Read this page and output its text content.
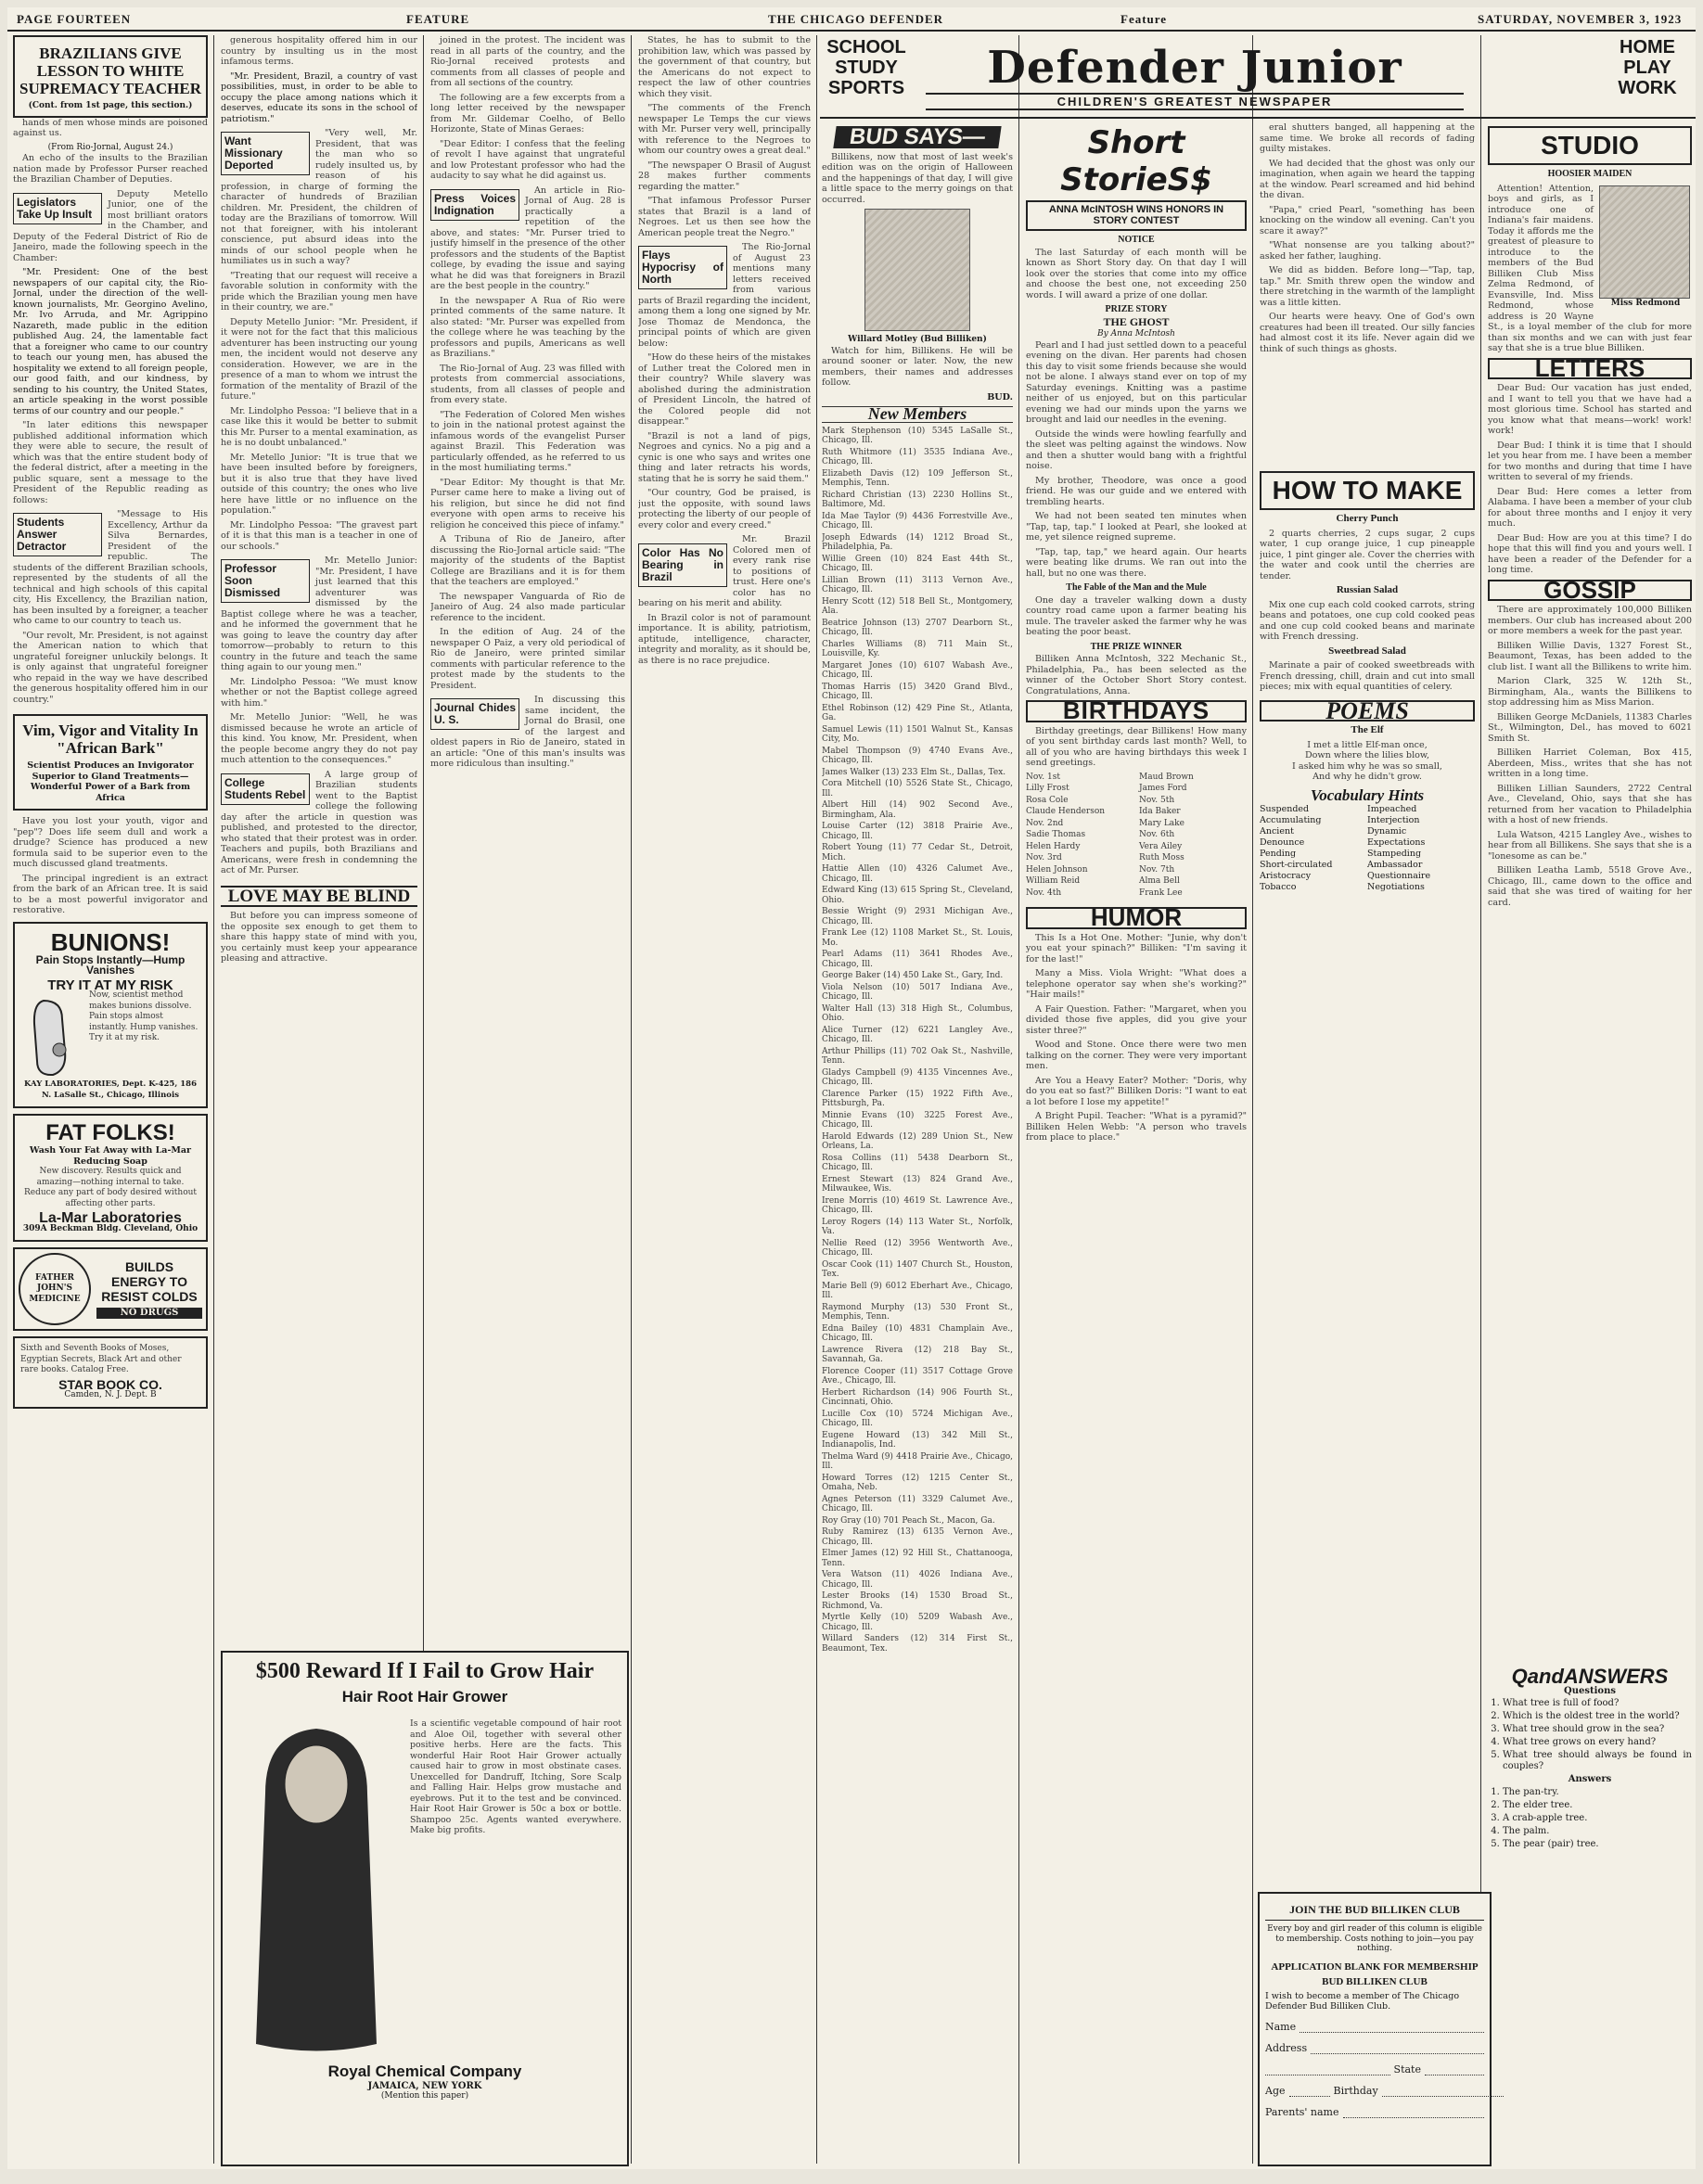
PAGE FOURTEEN	FEATURE	THE CHICAGO DEFENDER	Feature	SATURDAY, NOVEMBER 3, 1923
BRAZILIANS GIVE LESSON TO WHITE SUPREMACY TEACHER
(Cont. from 1st page, this section.)

hands of men whose minds are poisoned against us.

(From Rio-Jornal, August 24.)

An echo of the insults to the Brazilian nation made by Professor Purser reached the Brazilian Chamber of Deputies.

Legislators Take Up Insult

Deputy Metello Junior, one of the most brilliant orators in the Chamber, and Deputy of the Federal District of Rio de Janeiro, made the following speech in the Chamber:

"Mr. President: One of the best newspapers of our capital city, the Rio-Jornal, under the direction of the well-known journalists, Mr. Georgino Avelino, Mr. Ivo Arruda, and Mr. Agrippino Nazareth, made public in the edition published Aug. 24, the lamentable fact that a foreigner who came to our country to teach our young men, has abused the hospitality we extend to all foreign people, our good faith, and our kindness, by sending to his country, the United States, an article speaking in the worst possible terms of our country and our people."

"In later editions this newspaper published additional information which they were able to secure, the result of which was that the entire student body of the federal district, after a meeting in the public square, sent a message to the President of the Republic reading as follows:

Students Answer Detractor

"Message to His Excellency, Arthur da Silva Bernardes, President of the republic. The students of the different Brazilian schools, represented by the students of all the technical and high schools of this capital city, His Excellency, the Brazilian nation, has been insulted by a foreigner, a teacher who came to our country to teach us.

"Our revolt, Mr. President, is not against the American nation to which that ungrateful foreigner unluckily belongs. It is only against that ungrateful foreigner who repaid in the way we have described the generous hospitality offered him in our country."

Vim, Vigor and Vitality In "African Bark"
Scientist Produces an Invigorator Superior to Gland Treatments—Wonderful Power of a Bark from Africa

Have you lost your youth, vigor and "pep"? Does life seem dull and work a drudge? Science has produced a new formula said to be superior even to the much discussed gland treatments.

The principal ingredient is an extract from the bark of an African tree. It is said to be a most powerful invigorator and restorative.

BUNIONS!
Pain Stops Instantly—Hump Vanishes
TRY IT AT MY RISK

Now, scientist method makes bunions dissolve. Pain stops almost instantly. Hump vanishes. Try it at my risk.

KAY LABORATORIES, Dept. K-425, 186 N. LaSalle St., Chicago, Illinois
FAT FOLKS!
Wash Your Fat Away with La-Mar Reducing Soap

New discovery. Results quick and amazing—nothing internal to take. Reduce any part of body desired without affecting other parts.

La-Mar Laboratories
309A Beckman Bldg. Cleveland, Ohio
FATHER JOHN'S MEDICINE
BUILDS ENERGY TO RESIST COLDS
NO DRUGS

Sixth and Seventh Books of Moses, Egyptian Secrets, Black Art and other rare books. Catalog Free.

STAR BOOK CO.
Camden, N. J. Dept. B

generous hospitality offered him in our country by insulting us in the most infamous terms.

"Mr. President, Brazil, a country of vast possibilities, must, in order to be able to occupy the place among nations which it deserves, educate its sons in the school of patriotism."

Want Missionary Deported

"Very well, Mr. President, that was the man who so rudely insulted us, by reason of his profession, in charge of forming the character of hundreds of Brazilian children. Mr. President, the children of today are the Brazilians of tomorrow. Will not that foreigner, with his intolerant conscience, put absurd ideas into the minds of our school people when he humiliates us in such a way?

"Treating that our request will receive a favorable solution in conformity with the pride which the Brazilian young men have in their country, we are."

Deputy Metello Junior: "Mr. President, if it were not for the fact that this malicious adventurer has been instructing our young men, the incident would not deserve any consideration. However, we are in the presence of a man to whom we intrust the formation of the mentality of Brazil of the future."

Mr. Lindolpho Pessoa: "I believe that in a case like this it would be better to submit this Mr. Purser to a mental examination, as he is no doubt unbalanced."

Mr. Metello Junior: "It is true that we have been insulted before by foreigners, but it is also true that they have lived outside of this country; the ones who live here have little or no influence on the population."

Mr. Lindolpho Pessoa: "The gravest part of it is that this man is a teacher in one of our schools."

Professor Soon Dismissed

Mr. Metello Junior: "Mr. President, I have just learned that this adventurer was dismissed by the Baptist college where he was a teacher, and he informed the government that he was going to leave the country day after tomorrow—probably to return to this country in the future and teach the same thing again to our young men."

Mr. Lindolpho Pessoa: "We must know whether or not the Baptist college agreed with him."

Mr. Metello Junior: "Well, he was dismissed because he wrote an article of this kind. You know, Mr. President, when the people become angry they do not pay much attention to the consequences."

College Students Rebel

A large group of Brazilian students went to the Baptist college the following day after the article in question was published, and protested to the director, who stated that their protest was in order. Teachers and pupils, both Brazilians and Americans, were fresh in condemning the act of Mr. Purser.

LOVE MAY BE BLIND

But before you can impress someone of the opposite sex enough to get them to share this happy state of mind with you, you certainly must keep your appearance pleasing and attractive.

joined in the protest. The incident was read in all parts of the country, and the Rio-Jornal received protests and comments from all classes of people and from all sections of the country.

The following are a few excerpts from a long letter received by the newspaper from Mr. Gildemar Coelho, of Bello Horizonte, State of Minas Geraes:

"Dear Editor: I confess that the feeling of revolt I have against that ungrateful and low Protestant professor who had the audacity to say what he did against us.

Press Voices Indignation

An article in Rio-Jornal of Aug. 28 is practically a repetition of the above, and states: "Mr. Purser tried to justify himself in the presence of the other professors and the students of the Baptist college, by evading the issue and saying what he did was that foreigners in Brazil are the best people in the country."

In the newspaper A Rua of Rio were printed comments of the same nature. It also stated: "Mr. Purser was expelled from the college where he was teaching by the professors and pupils, Americans as well as Brazilians."

The Rio-Jornal of Aug. 23 was filled with protests from commercial associations, students, from all classes of people and from every state.

"The Federation of Colored Men wishes to join in the national protest against the infamous words of the evangelist Purser against Brazil. This Federation was particularly offended, as he referred to us in the most humiliating terms."

"Dear Editor: My thought is that Mr. Purser came here to make a living out of his religion, but since he did not find everyone with open arms to receive his religion he conceived this piece of infamy."

A Tribuna of Rio de Janeiro, after discussing the Rio-Jornal article said: "The majority of the students of the Baptist College are Brazilians and it is for them that the teachers are employed."

The newspaper Vanguarda of Rio de Janeiro of Aug. 24 also made particular reference to the incident.

In the edition of Aug. 24 of the newspaper O Paiz, a very old periodical of Rio de Janeiro, were printed similar comments with particular reference to the protest made by the students to the President.

Journal Chides U. S.

In discussing this same incident, the Jornal do Brasil, one of the largest and oldest papers in Rio de Janeiro, stated in an article: "One of this man's insults was more ridiculous than insulting."

$500 Reward If I Fail to Grow Hair
Hair Root Hair Grower

Is a scientific vegetable compound of hair root and Aloe Oil, together with several other positive herbs. Here are the facts. This wonderful Hair Root Hair Grower actually caused hair to grow in most obstinate cases. Unexcelled for Dandruff, Itching, Sore Scalp and Falling Hair. Helps grow mustache and eyebrows. Put it to the test and be convinced. Hair Root Hair Grower is 50c a box or bottle. Shampoo 25c. Agents wanted everywhere. Make big profits.

Royal Chemical Company
JAMAICA, NEW YORK
(Mention this paper)

States, he has to submit to the prohibition law, which was passed by the government of that country, but the Americans do not expect to respect the law of other countries which they visit.

"The comments of the French newspaper Le Temps the cur views with Mr. Purser very well, principally with reference to the Negroes to whom our country owes a great deal."

"The newspaper O Brasil of August 28 makes further comments regarding the matter."

"That infamous Professor Purser states that Brazil is a land of Negroes. Let us then see how the American people treat the Negro."

Flays Hypocrisy of North

The Rio-Jornal of August 23 mentions many letters received from various parts of Brazil regarding the incident, among them a long one signed by Mr. Jose Thomaz de Mendonca, the principal points of which are given below:

"How do these heirs of the mistakes of Luther treat the Colored men in their country? While slavery was abolished during the administration of President Lincoln, the hatred of the Colored people did not disappear."

"Brazil is not a land of pigs, Negroes and cynics. No a pig and a cynic is one who says and writes one thing and later retracts his words, stating that he is sorry he said them."

"Our country, God be praised, is just the opposite, with sound laws protecting the liberty of our people of every color and every creed."

Color Has No Bearing in Brazil

Mr. Brazil Colored men of every rank rise to positions of trust. Here one's color has no bearing on his merit and ability.

In Brazil color is not of paramount importance. It is ability, patriotism, aptitude, intelligence, character, integrity and morality, as it should be, as there is no race prejudice.

SCHOOL
STUDY
SPORTS	Defender Junior
CHILDREN'S GREATEST NEWSPAPER
HOME
PLAY
WORK
BUD SAYS—

Billikens, now that most of last week's edition was on the origin of Halloween and the happenings of that day, I will give a little space to the merry goings on that occurred.

Willard Motley (Bud Billiken)

Watch for him, Billikens. He will be around sooner or later. Now, the new members, their names and addresses follow.

BUD.
New Members
Mark Stephenson (10) 5345 LaSalle St., Chicago, Ill.
Ruth Whitmore (11) 3535 Indiana Ave., Chicago, Ill.
Elizabeth Davis (12) 109 Jefferson St., Memphis, Tenn.
Richard Christian (13) 2230 Hollins St., Baltimore, Md.
Ida Mae Taylor (9) 4436 Forrestville Ave., Chicago, Ill.
Joseph Edwards (14) 1212 Broad St., Philadelphia, Pa.
Willie Green (10) 824 East 44th St., Chicago, Ill.
Lillian Brown (11) 3113 Vernon Ave., Chicago, Ill.
Henry Scott (12) 518 Bell St., Montgomery, Ala.
Beatrice Johnson (13) 2707 Dearborn St., Chicago, Ill.
Charles Williams (8) 711 Main St., Louisville, Ky.
Margaret Jones (10) 6107 Wabash Ave., Chicago, Ill.
Thomas Harris (15) 3420 Grand Blvd., Chicago, Ill.
Ethel Robinson (12) 429 Pine St., Atlanta, Ga.
Samuel Lewis (11) 1501 Walnut St., Kansas City, Mo.
Mabel Thompson (9) 4740 Evans Ave., Chicago, Ill.
James Walker (13) 233 Elm St., Dallas, Tex.
Cora Mitchell (10) 5526 State St., Chicago, Ill.
Albert Hill (14) 902 Second Ave., Birmingham, Ala.
Louise Carter (12) 3818 Prairie Ave., Chicago, Ill.
Robert Young (11) 77 Cedar St., Detroit, Mich.
Hattie Allen (10) 4326 Calumet Ave., Chicago, Ill.
Edward King (13) 615 Spring St., Cleveland, Ohio.
Bessie Wright (9) 2931 Michigan Ave., Chicago, Ill.
Frank Lee (12) 1108 Market St., St. Louis, Mo.
Pearl Adams (11) 3641 Rhodes Ave., Chicago, Ill.
George Baker (14) 450 Lake St., Gary, Ind.
Viola Nelson (10) 5017 Indiana Ave., Chicago, Ill.
Walter Hall (13) 318 High St., Columbus, Ohio.
Alice Turner (12) 6221 Langley Ave., Chicago, Ill.
Arthur Phillips (11) 702 Oak St., Nashville, Tenn.
Gladys Campbell (9) 4135 Vincennes Ave., Chicago, Ill.
Clarence Parker (15) 1922 Fifth Ave., Pittsburgh, Pa.
Minnie Evans (10) 3225 Forest Ave., Chicago, Ill.
Harold Edwards (12) 289 Union St., New Orleans, La.
Rosa Collins (11) 5438 Dearborn St., Chicago, Ill.
Ernest Stewart (13) 824 Grand Ave., Milwaukee, Wis.
Irene Morris (10) 4619 St. Lawrence Ave., Chicago, Ill.
Leroy Rogers (14) 113 Water St., Norfolk, Va.
Nellie Reed (12) 3956 Wentworth Ave., Chicago, Ill.
Oscar Cook (11) 1407 Church St., Houston, Tex.
Marie Bell (9) 6012 Eberhart Ave., Chicago, Ill.
Raymond Murphy (13) 530 Front St., Memphis, Tenn.
Edna Bailey (10) 4831 Champlain Ave., Chicago, Ill.
Lawrence Rivera (12) 218 Bay St., Savannah, Ga.
Florence Cooper (11) 3517 Cottage Grove Ave., Chicago, Ill.
Herbert Richardson (14) 906 Fourth St., Cincinnati, Ohio.
Lucille Cox (10) 5724 Michigan Ave., Chicago, Ill.
Eugene Howard (13) 342 Mill St., Indianapolis, Ind.
Thelma Ward (9) 4418 Prairie Ave., Chicago, Ill.
Howard Torres (12) 1215 Center St., Omaha, Neb.
Agnes Peterson (11) 3329 Calumet Ave., Chicago, Ill.
Roy Gray (10) 701 Peach St., Macon, Ga.
Ruby Ramirez (13) 6135 Vernon Ave., Chicago, Ill.
Elmer James (12) 92 Hill St., Chattanooga, Tenn.
Vera Watson (11) 4026 Indiana Ave., Chicago, Ill.
Lester Brooks (14) 1530 Broad St., Richmond, Va.
Myrtle Kelly (10) 5209 Wabash Ave., Chicago, Ill.
Willard Sanders (12) 314 First St., Beaumont, Tex.
Short StorieS$
ANNA McINTOSH WINS HONORS IN STORY CONTEST
NOTICE

The last Saturday of each month will be known as Short Story day. On that day I will look over the stories that come into my office and choose the best one, not exceeding 250 words. I will award a prize of one dollar.

PRIZE STORY
THE GHOST
By Anna McIntosh

Pearl and I had just settled down to a peaceful evening on the divan. Her parents had chosen this day to visit some friends because she would not be alone. I always stand ever on top of my Saturday evenings. Knitting was a pastime neither of us enjoyed, but on this particular evening we had our minds upon the yarns we brought and laid our needles in the evening.

Outside the winds were howling fearfully and the sleet was pelting against the windows. Now and then a shutter would bang with a frightful noise.

My brother, Theodore, was once a good friend. He was our guide and we entered with trembling hearts.

We had not been seated ten minutes when "Tap, tap, tap." I looked at Pearl, she looked at me, yet silence reigned supreme.

"Tap, tap, tap," we heard again. Our hearts were beating like drums. We ran out into the hall, but no one was there.

The Fable of the Man and the Mule

One day a traveler walking down a dusty country road came upon a farmer beating his mule. The traveler asked the farmer why he was beating the poor beast.

THE PRIZE WINNER

Billiken Anna McIntosh, 322 Mechanic St., Philadelphia, Pa., has been selected as the winner of the October Short Story contest. Congratulations, Anna.

BIRTHDAYS

Birthday greetings, dear Billikens! How many of you sent birthday cards last month? Well, to all of you who are having birthdays this week I send greetings.

Nov. 1st
Lilly Frost
Rosa Cole
Claude Henderson
Nov. 2nd
Sadie Thomas
Helen Hardy
Nov. 3rd
Helen Johnson
William Reid
Nov. 4th
Maud Brown
James Ford
Nov. 5th
Ida Baker
Mary Lake
Nov. 6th
Vera Ailey
Ruth Moss
Nov. 7th
Alma Bell
Frank Lee
HUMOR

This Is a Hot One. Mother: "Junie, why don't you eat your spinach?" Billiken: "I'm saving it for the last!"

Many a Miss. Viola Wright: "What does a telephone operator say when she's working?" "Hair mails!"

A Fair Question. Father: "Margaret, when you divided those five apples, did you give your sister three?"

Wood and Stone. Once there were two men talking on the corner. They were very important men.

Are You a Heavy Eater? Mother: "Doris, why do you eat so fast?" Billiken Doris: "I want to eat a lot before I lose my appetite!"

A Bright Pupil. Teacher: "What is a pyramid?" Billiken Helen Webb: "A person who travels from place to place."

HOW TO MAKE
Cherry Punch

2 quarts cherries, 2 cups sugar, 2 cups water, 1 cup orange juice, 1 cup pineapple juice, 1 pint ginger ale. Cover the cherries with the water and cook until the cherries are tender.

Russian Salad

Mix one cup each cold cooked carrots, string beans and potatoes, one cup cold cooked peas and one cup cold cooked beans and marinate with French dressing.

Sweetbread Salad

Marinate a pair of cooked sweetbreads with French dressing, chill, drain and cut into small pieces; mix with equal quantities of celery.

POEMS
The Elf

I met a little Elf-man once,
Down where the lilies blow,
I asked him why he was so small,
And why he didn't grow.

Vocabulary Hints
Suspended	Impeached
Accumulating	Interjection
Ancient	Dynamic
Denounce	Expectations
Pending	Stampeding
Short-circulated	Ambassador
Aristocracy	Questionnaire
Tobacco	Negotiations

eral shutters banged, all happening at the same time. We broke all records of fading guilty mistakes.

We had decided that the ghost was only our imagination, when again we heard the tapping at the window. Pearl screamed and hid behind the divan.

"Papa," cried Pearl, "something has been knocking on the window all evening. Can't you scare it away?"

"What nonsense are you talking about?" asked her father, laughing.

We did as bidden. Before long—"Tap, tap, tap." Mr. Smith threw open the window and there stretching in the warmth of the lamplight was a little kitten.

Our hearts were heavy. One of God's own creatures had been ill treated. Our silly fancies had almost cost it its life. Never again did we think of such things as ghosts.

STUDIO
HOOSIER MAIDEN
Miss Redmond

Attention! Attention, boys and girls, as I introduce one of Indiana's fair maidens. Today it affords me the greatest of pleasure to introduce to the members of the Bud Billiken Club Miss Zelma Redmond, of Evansville, Ind. Miss Redmond, whose address is 20 Wayne St., is a loyal member of the club for more than six months and we can with just fear say that she is a true blue Billiken.

LETTERS

Dear Bud: Our vacation has just ended, and I want to tell you that we have had a most glorious time. School has started and you know what that means—work! work! work!

Dear Bud: I think it is time that I should let you hear from me. I have been a member for two months and during that time I have written to several of my friends.

Dear Bud: Here comes a letter from Alabama. I have been a member of your club for about three months and I enjoy it very much.

Dear Bud: How are you at this time? I do hope that this will find you and yours well. I have been a reader of the Defender for a long time.

GOSSIP

There are approximately 100,000 Billiken members. Our club has increased about 200 or more members a week for the past year.

Billiken Willie Davis, 1327 Forest St., Beaumont, Texas, has been added to the club list. I want all the Billikens to write him.

Marion Clark, 325 W. 12th St., Birmingham, Ala., wants the Billikens to stop addressing him as Miss Marion.

Billiken George McDaniels, 11383 Charles St., Wilmington, Del., has moved to 6021 Smith St.

Billiken Harriet Coleman, Box 415, Aberdeen, Miss., writes that she has not written in a long time.

Billiken Lillian Saunders, 2722 Central Ave., Cleveland, Ohio, says that she has returned from her vacation to Philadelphia with a host of new friends.

Lula Watson, 4215 Langley Ave., wishes to hear from all Billikens. She says that she is a "lonesome as can be."

Billiken Leatha Lamb, 5518 Grove Ave., Chicago, Ill., came down to the office and said that she was tired of waiting for her card.

QandANSWERS
Questions
1. What tree is full of food?
2. Which is the oldest tree in the world?
3. What tree should grow in the sea?
4. What tree grows on every hand?
5. What tree should always be found in couples?
Answers
1. The pan-try.
2. The elder tree.
3. A crab-apple tree.
4. The palm.
5. The pear (pair) tree.
JOIN THE BUD BILLIKEN CLUB
Every boy and girl reader of this column is eligible to membership. Costs nothing to join—you pay nothing.
APPLICATION BLANK FOR MEMBERSHIP
BUD BILLIKEN CLUB
I wish to become a member of The Chicago Defender Bud Billiken Club.
Name
Address
State
Age	Birthday
Parents' name
